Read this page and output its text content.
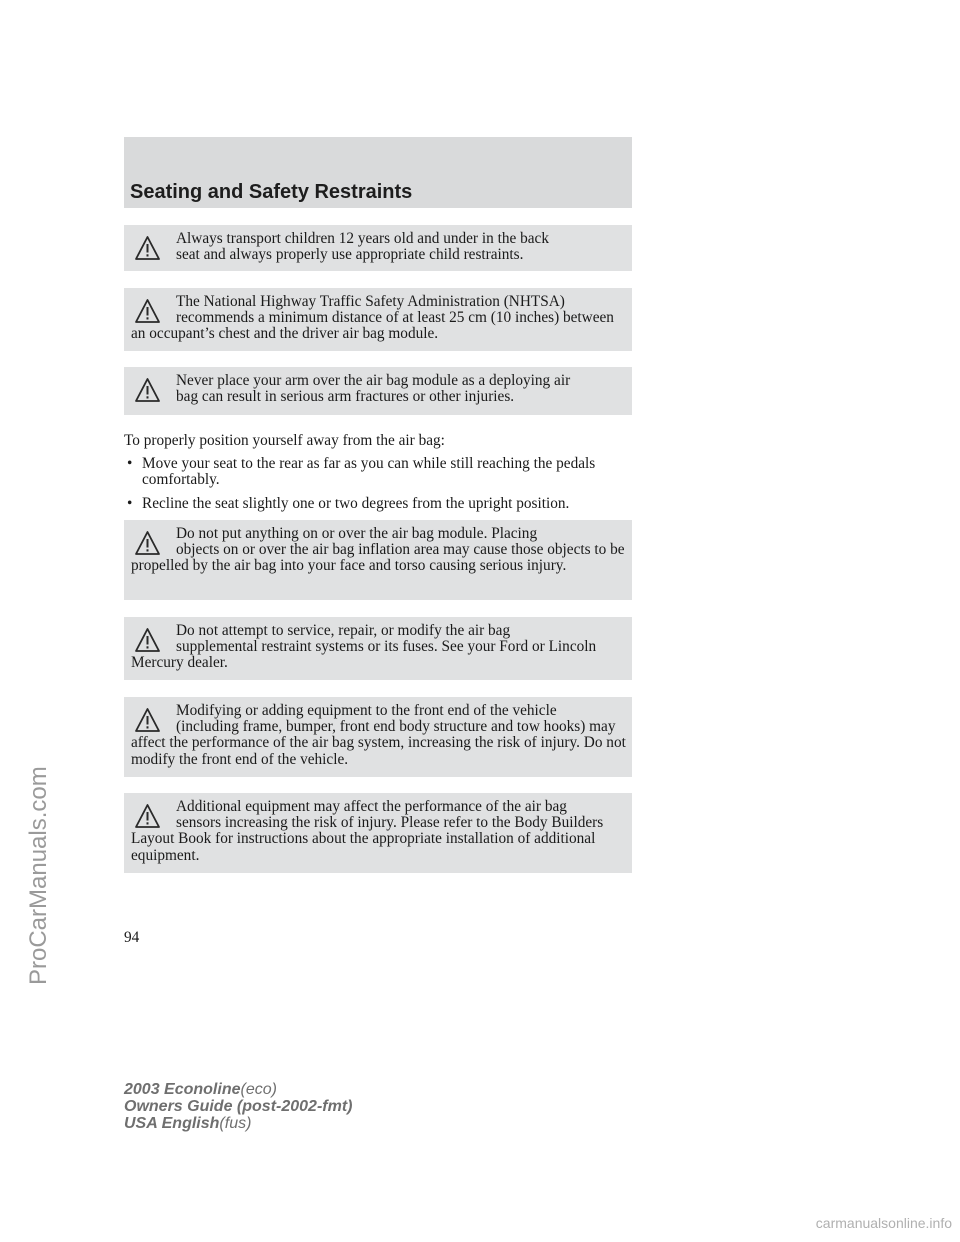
Seating and Safety Restraints
Always transport children 12 years old and under in the back
seat and always properly use appropriate child restraints.
The National Highway Traffic Safety Administration (NHTSA)
recommends a minimum distance of at least 25 cm (10 inches) between an occupant’s chest and the driver air bag module.
Never place your arm over the air bag module as a deploying air
bag can result in serious arm fractures or other injuries.
To properly position yourself away from the air bag:
• Move your seat to the rear as far as you can while still reaching the pedals comfortably.
• Recline the seat slightly one or two degrees from the upright position.
Do not put anything on or over the air bag module. Placing
objects on or over the air bag inflation area may cause those objects to be propelled by the air bag into your face and torso causing serious injury.
Do not attempt to service, repair, or modify the air bag
supplemental restraint systems or its fuses. See your Ford or Lincoln Mercury dealer.
Modifying or adding equipment to the front end of the vehicle
(including frame, bumper, front end body structure and tow hooks) may affect the performance of the air bag system, increasing the risk of injury. Do not modify the front end of the vehicle.
Additional equipment may affect the performance of the air bag
sensors increasing the risk of injury. Please refer to the Body Builders Layout Book for instructions about the appropriate installation of additional equipment.
94
2003 Econoline(eco)
Owners Guide (post-2002-fmt)
USA English(fus)
ProCarManuals.com
carmanualsonline.info
